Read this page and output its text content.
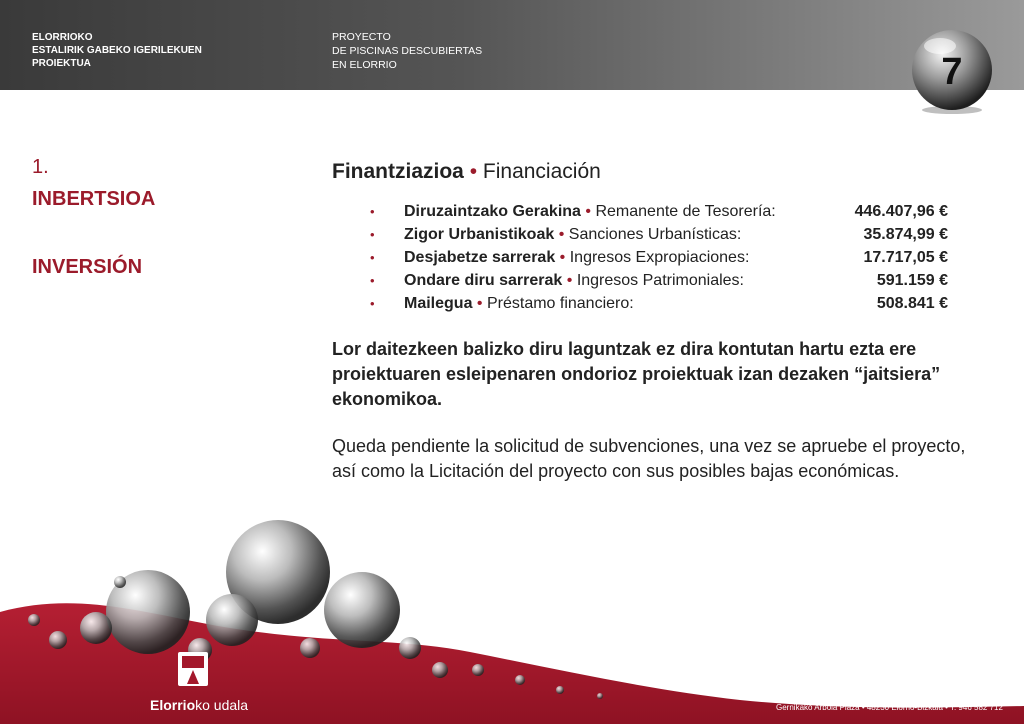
ELORRIOKO
ESTALIRIK GABEKO IGERILEKUEN
PROIEKTUA
PROYECTO
DE PISCINAS DESCUBIERTAS
EN ELORRIO	7
1.
INBERTSIOA
INVERSIÓN
Finantziazioa • Financiación
• Diruzaintzako Gerakina • Remanente de Tesorería:	446.407,96 €
• Zigor Urbanistikoak • Sanciones Urbanísticas:	35.874,99 €
• Desjabetze sarrerak • Ingresos Expropiaciones:	17.717,05 €
• Ondare diru sarrerak • Ingresos Patrimoniales:	591.159 €
• Mailegua • Préstamo financiero:	508.841 €
Lor daitezkeen balizko diru laguntzak ez dira kontutan hartu ezta ere proiektuaren esleipenaren ondorioz proiektuak izan dezaken “jaitsiera” ekonomikoa.
Queda pendiente la solicitud de subvenciones, una vez se apruebe el proyecto, así como la Licitación del proyecto con sus posibles bajas económicas.
Elorrioko udala	Gernikako Arbola Plaza • 48230 Elorrio-Bizkaia • T: 946 582 712
